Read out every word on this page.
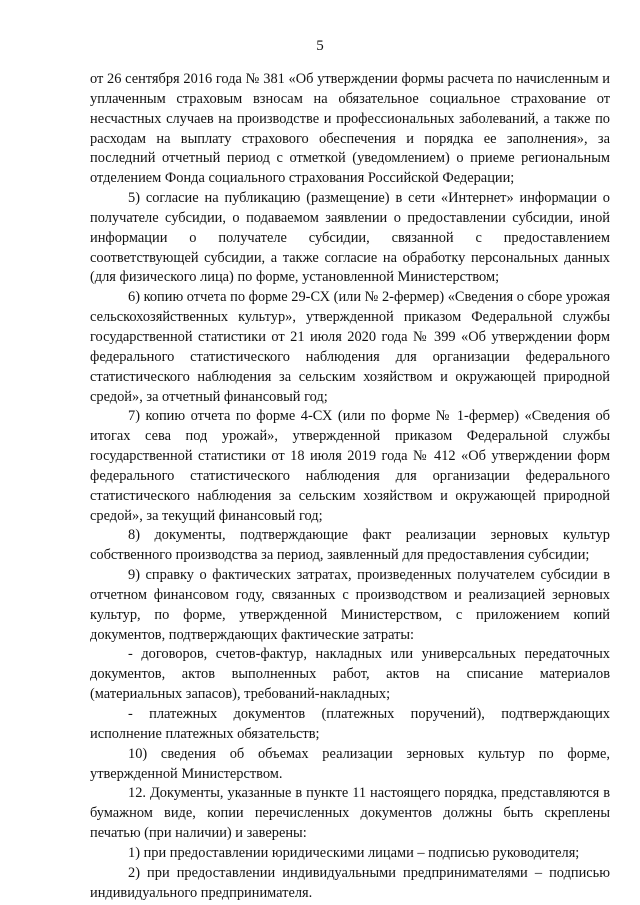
5

от 26 сентября 2016 года № 381 «Об утверждении формы расчета по начисленным и уплаченным страховым взносам на обязательное социальное страхование от несчастных случаев на производстве и профессиональных заболеваний, а также по расходам на выплату страхового обеспечения и порядка ее заполнения», за последний отчетный период с отметкой (уведомлением) о приеме региональным отделением Фонда социального страхования Российской Федерации;

5) согласие на публикацию (размещение) в сети «Интернет» информации о получателе субсидии, о подаваемом заявлении о предоставлении субсидии, иной информации о получателе субсидии, связанной с предоставлением соответствующей субсидии, а также согласие на обработку персональных данных (для физического лица) по форме, установленной Министерством;

6) копию отчета по форме 29-СХ (или № 2-фермер) «Сведения о сборе урожая сельскохозяйственных культур», утвержденной приказом Федеральной службы государственной статистики от 21 июля 2020 года № 399 «Об утверждении форм федерального статистического наблюдения для организации федерального статистического наблюдения за сельским хозяйством и окружающей природной средой», за отчетный финансовый год;

7) копию отчета по форме 4-СХ (или по форме № 1-фермер) «Сведения об итогах сева под урожай», утвержденной приказом Федеральной службы государственной статистики от 18 июля 2019 года № 412 «Об утверждении форм федерального статистического наблюдения для организации федерального статистического наблюдения за сельским хозяйством и окружающей природной средой», за текущий финансовый год;

8) документы, подтверждающие факт реализации зерновых культур собственного производства за период, заявленный для предоставления субсидии;

9) справку о фактических затратах, произведенных получателем субсидии в отчетном финансовом году, связанных с производством и реализацией зерновых культур, по форме, утвержденной Министерством, с приложением копий документов, подтверждающих фактические затраты:

- договоров, счетов-фактур, накладных или универсальных передаточных документов, актов выполненных работ, актов на списание материалов (материальных запасов), требований-накладных;

- платежных документов (платежных поручений), подтверждающих исполнение платежных обязательств;

10) сведения об объемах реализации зерновых культур по форме, утвержденной Министерством.

12. Документы, указанные в пункте 11 настоящего порядка, представляются в бумажном виде, копии перечисленных документов должны быть скреплены печатью (при наличии) и заверены:

1) при предоставлении юридическими лицами – подписью руководителя;

2) при предоставлении индивидуальными предпринимателями – подписью индивидуального предпринимателя.
